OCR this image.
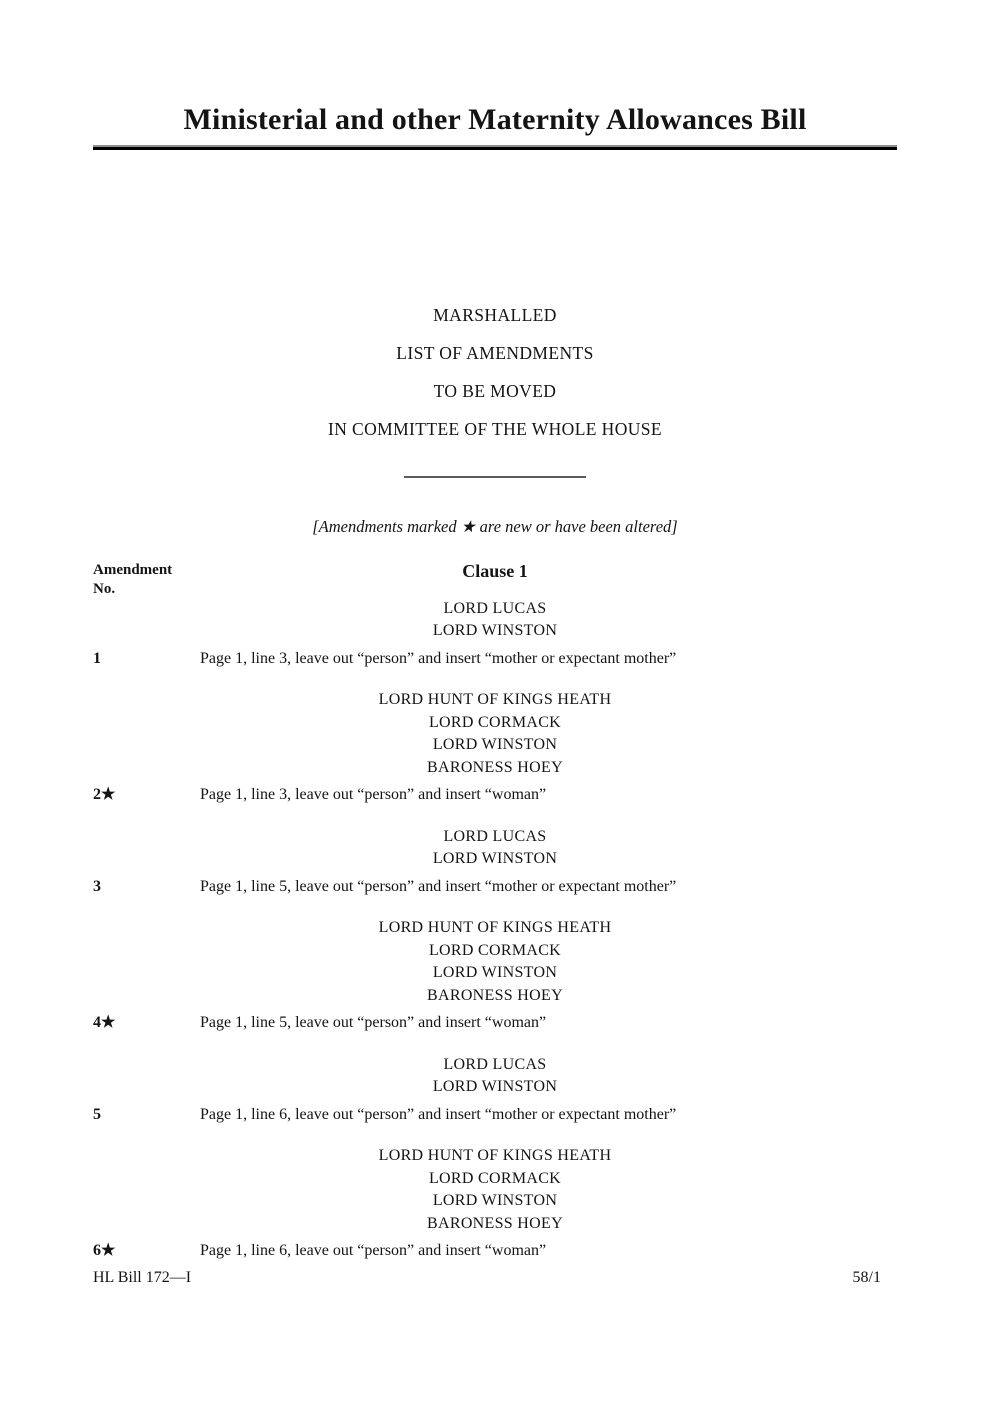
Ministerial and other Maternity Allowances Bill
MARSHALLED
LIST OF AMENDMENTS
TO BE MOVED
IN COMMITTEE OF THE WHOLE HOUSE
[Amendments marked ★ are new or have been altered]
Amendment
No.
Clause 1
LORD LUCAS
LORD WINSTON
1	Page 1, line 3, leave out “person” and insert “mother or expectant mother”
LORD HUNT OF KINGS HEATH
LORD CORMACK
LORD WINSTON
BARONESS HOEY
2★	Page 1, line 3, leave out “person” and insert “woman”
LORD LUCAS
LORD WINSTON
3	Page 1, line 5, leave out “person” and insert “mother or expectant mother”
LORD HUNT OF KINGS HEATH
LORD CORMACK
LORD WINSTON
BARONESS HOEY
4★	Page 1, line 5, leave out “person” and insert “woman”
LORD LUCAS
LORD WINSTON
5	Page 1, line 6, leave out “person” and insert “mother or expectant mother”
LORD HUNT OF KINGS HEATH
LORD CORMACK
LORD WINSTON
BARONESS HOEY
6★	Page 1, line 6, leave out “person” and insert “woman”
HL Bill 172—I	58/1
